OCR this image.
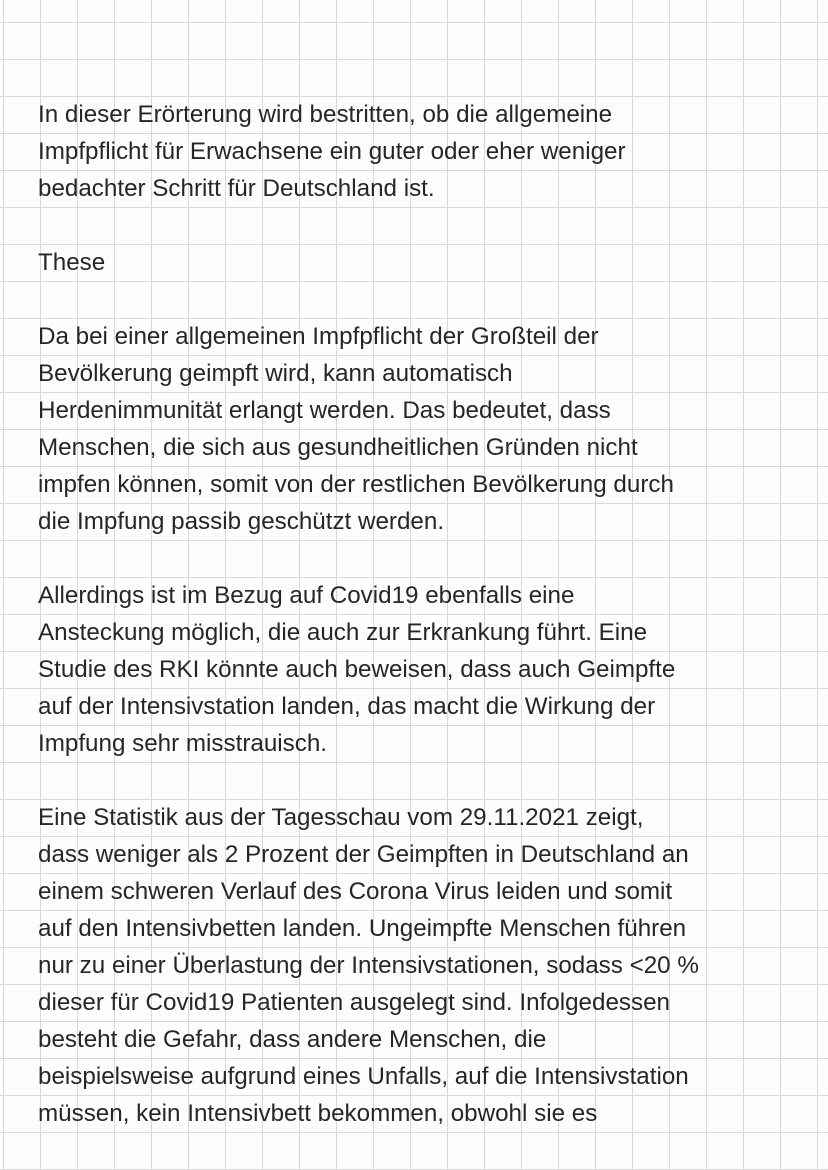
In dieser Erörterung wird bestritten, ob die allgemeine
Impfpflicht für Erwachsene ein guter oder eher weniger
bedachter Schritt für Deutschland ist.

These

Da bei einer allgemeinen Impfpflicht der Großteil der
Bevölkerung geimpft wird, kann automatisch
Herdenimmunität erlangt werden. Das bedeutet, dass
Menschen, die sich aus gesundheitlichen Gründen nicht
impfen können, somit von der restlichen Bevölkerung durch
die Impfung passib geschützt werden.

Allerdings ist im Bezug auf Covid19 ebenfalls eine
Ansteckung möglich, die auch zur Erkrankung führt. Eine
Studie des RKI könnte auch beweisen, dass auch Geimpfte
auf der Intensivstation landen, das macht die Wirkung der
Impfung sehr misstrauisch.

Eine Statistik aus der Tagesschau vom 29.11.2021 zeigt,
dass weniger als 2 Prozent der Geimpften in Deutschland an
einem schweren Verlauf des Corona Virus leiden und somit
auf den Intensivbetten landen. Ungeimpfte Menschen führen
nur zu einer Überlastung der Intensivstationen, sodass <20 %
dieser für Covid19 Patienten ausgelegt sind. Infolgedessen
besteht die Gefahr, dass andere Menschen, die
beispielsweise aufgrund eines Unfalls, auf die Intensivstation
müssen, kein Intensivbett bekommen, obwohl sie es
